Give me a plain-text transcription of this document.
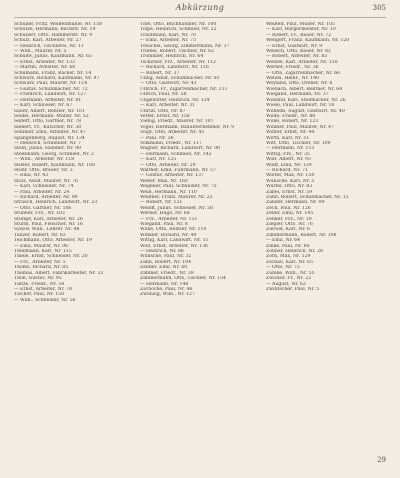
Abkürzung	305
Schüller, Fritz, Weißenmühle, Nr. 158
Schütze, Hermann, Bachstr. Nr. 14
Schubert, Otto, Hammerstr. Nr. 9
Schulz, Karl, Arbeiter, Nr. 27
— Heinrich, Tischlerei, Nr. 11
— Wilh., Maurer, Nr. 5
Schulte, Julius, Kaufmann, Nr. 65
— Ernst, Arbeiter, Nr. 133
— Martin, Arbeiter, Nr. 60
Schumann, Franz, Bäcker, Nr. 14
Schwarz, Richard, Kaufmann, Nr. 97
Schwarz, Paul, Maurer, Nr. 114
— Gustav, Schuhmacher, Nr. 72
— Friedrich, Landwirt, Nr. 127
— Hermann, Arbeiter, Nr. 81
— Karl, Schlosser, Nr. 67
Sauer, Albert, Rentier, Nr. 101
Seidel, Hermann, Müller, Nr. 52
Seifert, Otto, Gärtner, Nr. 78
Siebert, Fr., Kutscher, Nr. 38
Sommer, Emil, Arbeiter, Nr. 47
Spangenberg, August, Nr. 134
— Heinrich, Schneider, Nr. 7
Stein, Julius, Händler, Nr. 90
Steinmann, Georg, Schmied, Nr. 2
— Wilh., Arbeiter, Nr. 118
Stieler, Robert, Kaufmann, Nr. 108
Stöhr, Otto, Brauer, Nr. 3
— Emil, Nr. 43
Stolz, Adolf, Maurer, Nr. 76
— Karl, Schneider, Nr. 74
— Paul, Arbeiter, Nr. 24
— Richard, Arbeiter, Nr. 99
Strauch, Heinrich, Landwirt, Nr. 23
— Otto, Gärtner, Nr. 106
Stübner, Frz., Nr. 103
Stumpf, Karl, Arbeiter, Nr. 26
Sturm, Paul, Fleischer, Nr. 16
Sydow, Wilh., Lehrer, Nr. 48
Tänzer, Robert, Nr. 63
Teichmann, Otto, Arbeiter, Nr. 19
— Emil, Maurer, Nr. 96
Theilmann, Karl, Nr. 115
Thiele, Ernst, Schneider, Nr. 20
— Frz., Arbeiter, Nr. 1
Thoms, Richard, Nr. 85
Thomas, Albert, Fabrikarbeiter, Nr. 33
Thon, Gustav, Nr. 95
Tietze, Friedr., Nr. 54
— Ernst, Arbeiter, Nr. 78
Tischer, Paul, Nr. 150
— Wilh., Schneider, Nr. 56
Titel, Otto, Buchhändler, Nr. 100
Tölpe, Heinrich, Schmied, Nr. 22
Trautmann, Karl, Nr. 70
— Emil, Arbeiter, Nr. 73
Treuchel, Georg, Zimmermann, Nr. 17
Triebel, Robert, Tischler, Nr. 62
Trommler, Heinrich, Nr. 64
Tschirner, Frz., Arbeiter, Nr. 112
— Richard, Landwirt, Nr. 116
— Robert, Nr. 37
Uhlig, Adolf, Schuhmacher, Nr. 81
— Otto, Gastwirt, Nr. 41
Ulbrich, Fr., Zigarrenmacher, Nr. 111
Ullrich, Paul, Nr. 58
Ungewitter, Heinrich, Nr. 124
— Karl, Arbeiter, Nr. 31
Unruh, Otto, Nr. 87
Vetter, Ernst, Nr. 156
Viebig, Friedr., Maurer, Nr. 107
Vogel, Hermann, Bauunternehmer, Nr. 9
Voigt, Otto, Arbeiter, Nr. 45
— Paul, Nr. 36
Volkmann, Friedr., Nr. 117
Wagner, Richard, Landwirt, Nr. 90
— Hermann, Schmied, Nr. 142
— Karl, Nr. 125
— Otto, Arbeiter, Nr. 29
Walther, Emil, Fuhrmann, Nr. 57
— Gustav, Arbeiter, Nr. 137
Weber, Max, Nr. 160
Wegener, Paul, Schneider, Nr. 75
Weiß, Hermann, Nr. 110
Weidner, Franz, Maurer, Nr. 23
— Robert, Nr. 121
Wendt, Julius, Schlosser, Nr. 50
Werner, Hugo, Nr. 68
— Frz., Arbeiter, Nr. 131
Wiegand, Paul, Nr. 8
Wilke, Otto, Rentier, Nr. 119
Winkler, Richard, Nr. 49
Wittig, Karl, Landwirt, Nr. 11
Wolf, Ernst, Arbeiter, Nr. 136
— Heinrich, Nr. 86
Wünsche, Paul, Nr. 32
Zahn, Robert, Nr. 104
Zeidler, Emil, Nr. 60
Zimmer, Friedr., Nr. 39
Zimmermann, Otto, Tischler, Nr. 154
— Hermann, Nr. 148
Zschoche, Paul, Nr. 46
Zwanzig, Wilh., Nr. 127
Weißelt, Paul, Müller, Nr. 105
— Karl, Bürgermeister, Nr. 10
— Robert, Fr., Bauer, Nr. 72
Wengert, Franz, Kaufmann, Nr. 120
— Ernst, Gastwirt, Nr. 9
Wensch, Otto, Bauer, Nr. 82
— Robert, Arbeiter, Nr. 83
Wenzel, Karl, Arbeiter, Nr. 130
Werner, Friedr., Nr. 36
— Otto, Zigarrenmacher, Nr. 66
Wetzel, Heinr., Nr. 140
Weyland, Otto, Dreher, Nr. 8
Wiebach, Albert, Rentner, Nr. 64
Wiegand, Hermann, Nr. 37
Wieland, Karl, Stellmacher, Nr. 26
Wiese, Paul, Landwirt, Nr. 18
Wilhelm, August, Gastwirt, Nr. 40
Wilde, Friedr., Nr. 88
Wilke, Robert, Nr. 123
Winkler, Paul, Maurer, Nr. 47
Winter, Ernst, Nr. 44
Wirth, Karl, Nr. 51
Witt, Otto, Tischler, Nr. 109
— Hermann, Nr. 115
Wittig, Frz., Nr. 35
Wolf, Albert, Nr. 93
Wolff, Emil, Nr. 139
— Richard, Nr. 71
Wolter, Max, Nr. 154
Wünsche, Karl, Nr. 5
Würfel, Otto, Nr. 83
Zabel, Ernst, Nr. 59
Zahn, Robert, Schuhmacher, Nr. 15
Zander, Hermann, Nr. 90
Zech, Paul, Nr. 126
Zeller, Emil, Nr. 145
Zenker, Frz., Nr. 19
Ziegler, Otto, Nr. 76
Zierold, Karl, Nr. 6
Zimmermann, Robert, Nr. 108
— Emil, Nr. 64
Zinke, Paul, Nr. 80
Zöllner, Heinrich, Nr. 28
Zorn, Max, Nr. 129
Zschau, Karl, Nr. 65
— Otto, Nr. 73
Zühlke, Wilh., Nr. 55
Zwicker, Fr., Nr. 22
— August, Nr. 63
Zwintscher, Paul, Nr. 5
29
